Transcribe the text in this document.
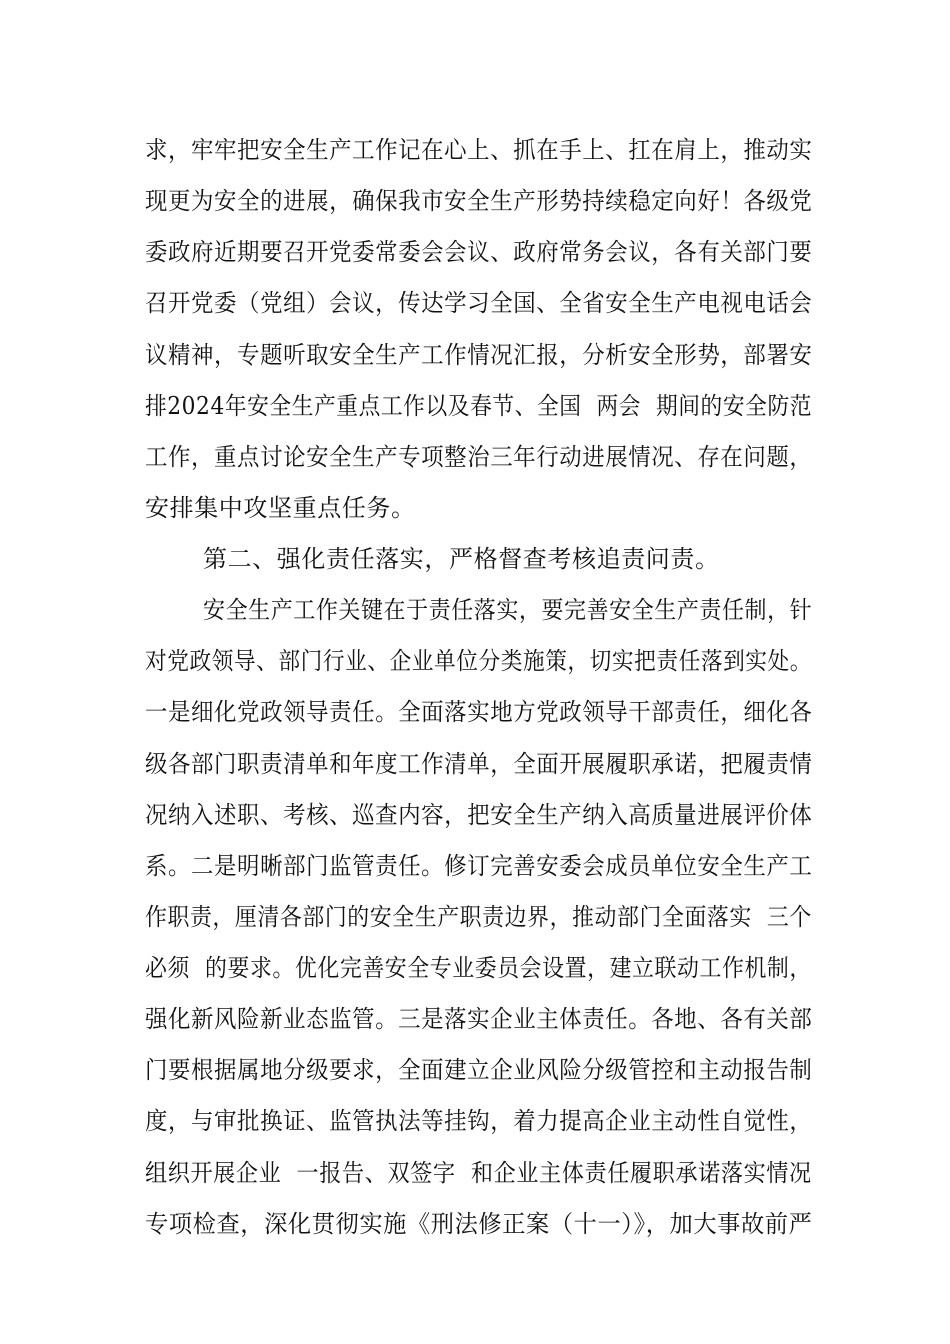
求，牢牢把安全生产工作记在心上、抓在手上、扛在肩上，推动实
现更为安全的进展，确保我市安全生产形势持续稳定向好！各级党
委政府近期要召开党委常委会会议、政府常务会议，各有关部门要
召开党委（党组）会议，传达学习全国、全省安全生产电视电话会
议精神，专题听取安全生产工作情况汇报，分析安全形势，部署安
排2024年安全生产重点工作以及春节、全国  两会  期间的安全防范
工作，重点讨论安全生产专项整治三年行动进展情况、存在问题，
安排集中攻坚重点任务。
第二、强化责任落实，严格督查考核追责问责。
安全生产工作关键在于责任落实，要完善安全生产责任制，针
对党政领导、部门行业、企业单位分类施策，切实把责任落到实处。
一是细化党政领导责任。全面落实地方党政领导干部责任，细化各
级各部门职责清单和年度工作清单，全面开展履职承诺，把履责情
况纳入述职、考核、巡查内容，把安全生产纳入高质量进展评价体
系。二是明晰部门监管责任。修订完善安委会成员单位安全生产工
作职责，厘清各部门的安全生产职责边界，推动部门全面落实  三个
必须  的要求。优化完善安全专业委员会设置，建立联动工作机制，
强化新风险新业态监管。三是落实企业主体责任。各地、各有关部
门要根据属地分级要求，全面建立企业风险分级管控和主动报告制
度，与审批换证、监管执法等挂钩，着力提高企业主动性自觉性，
组织开展企业  一报告、双签字  和企业主体责任履职承诺落实情况
专项检查，深化贯彻实施《刑法修正案（十一）》，加大事故前严
